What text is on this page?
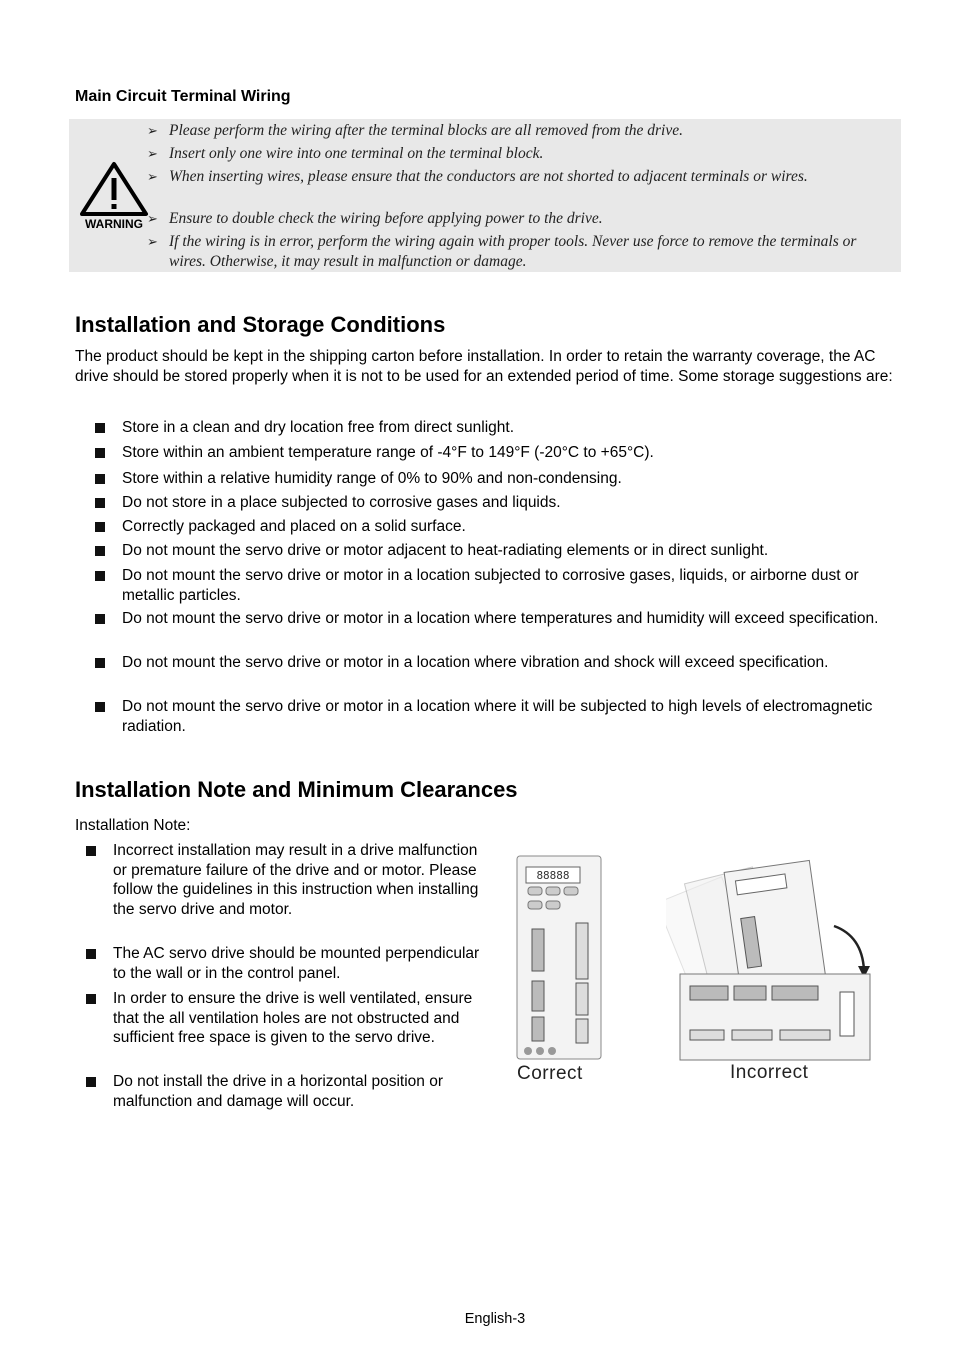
Main Circuit Terminal Wiring
WARNING
➢ Please perform the wiring after the terminal blocks are all removed from the drive.
➢ Insert only one wire into one terminal on the terminal block.
➢ When inserting wires, please ensure that the conductors are not shorted to adjacent terminals or wires.
➢ Ensure to double check the wiring before applying power to the drive.
➢ If the wiring is in error, perform the wiring again with proper tools. Never use force to remove the terminals or wires. Otherwise, it may result in malfunction or damage.
Installation and Storage Conditions
The product should be kept in the shipping carton before installation. In order to retain the warranty coverage, the AC drive should be stored properly when it is not to be used for an extended period of time. Some storage suggestions are:
Store in a clean and dry location free from direct sunlight.
Store within an ambient temperature range of -4°F to 149°F (-20°C to +65°C).
Store within a relative humidity range of 0% to 90% and non-condensing.
Do not store in a place subjected to corrosive gases and liquids.
Correctly packaged and placed on a solid surface.
Do not mount the servo drive or motor adjacent to heat-radiating elements or in direct sunlight.
Do not mount the servo drive or motor in a location subjected to corrosive gases, liquids, or airborne dust or metallic particles.
Do not mount the servo drive or motor in a location where temperatures and humidity will exceed specification.
Do not mount the servo drive or motor in a location where vibration and shock will exceed specification.
Do not mount the servo drive or motor in a location where it will be subjected to high levels of electromagnetic radiation.
Installation Note and Minimum Clearances
Installation Note:
Incorrect installation may result in a drive malfunction or premature failure of the drive and or motor. Please follow the guidelines in this instruction when installing the servo drive and motor.
The AC servo drive should be mounted perpendicular to the wall or in the control panel.
In order to ensure the drive is well ventilated, ensure that the all ventilation holes are not obstructed and sufficient free space is given to the servo drive.
Do not install the drive in a horizontal position or malfunction and damage will occur.
88888
Correct	Incorrect
English-3
